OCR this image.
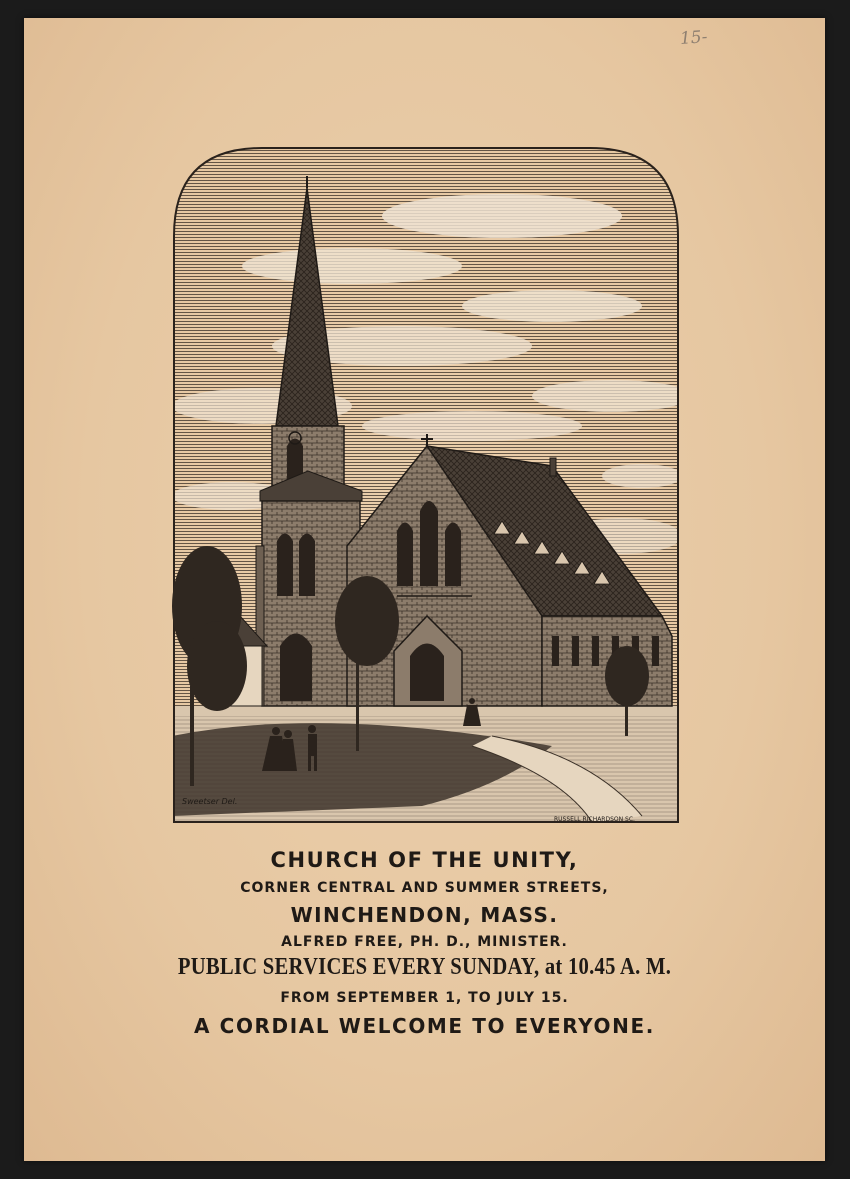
15-
Sweetser Del.
RUSSELL RICHARDSON SC.
CHURCH OF THE UNITY,
CORNER CENTRAL AND SUMMER STREETS,
WINCHENDON, MASS.
ALFRED FREE, PH. D., MINISTER.
PUBLIC SERVICES EVERY SUNDAY, at 10.45 A. M.
FROM SEPTEMBER 1, TO JULY 15.
A CORDIAL WELCOME TO EVERYONE.
